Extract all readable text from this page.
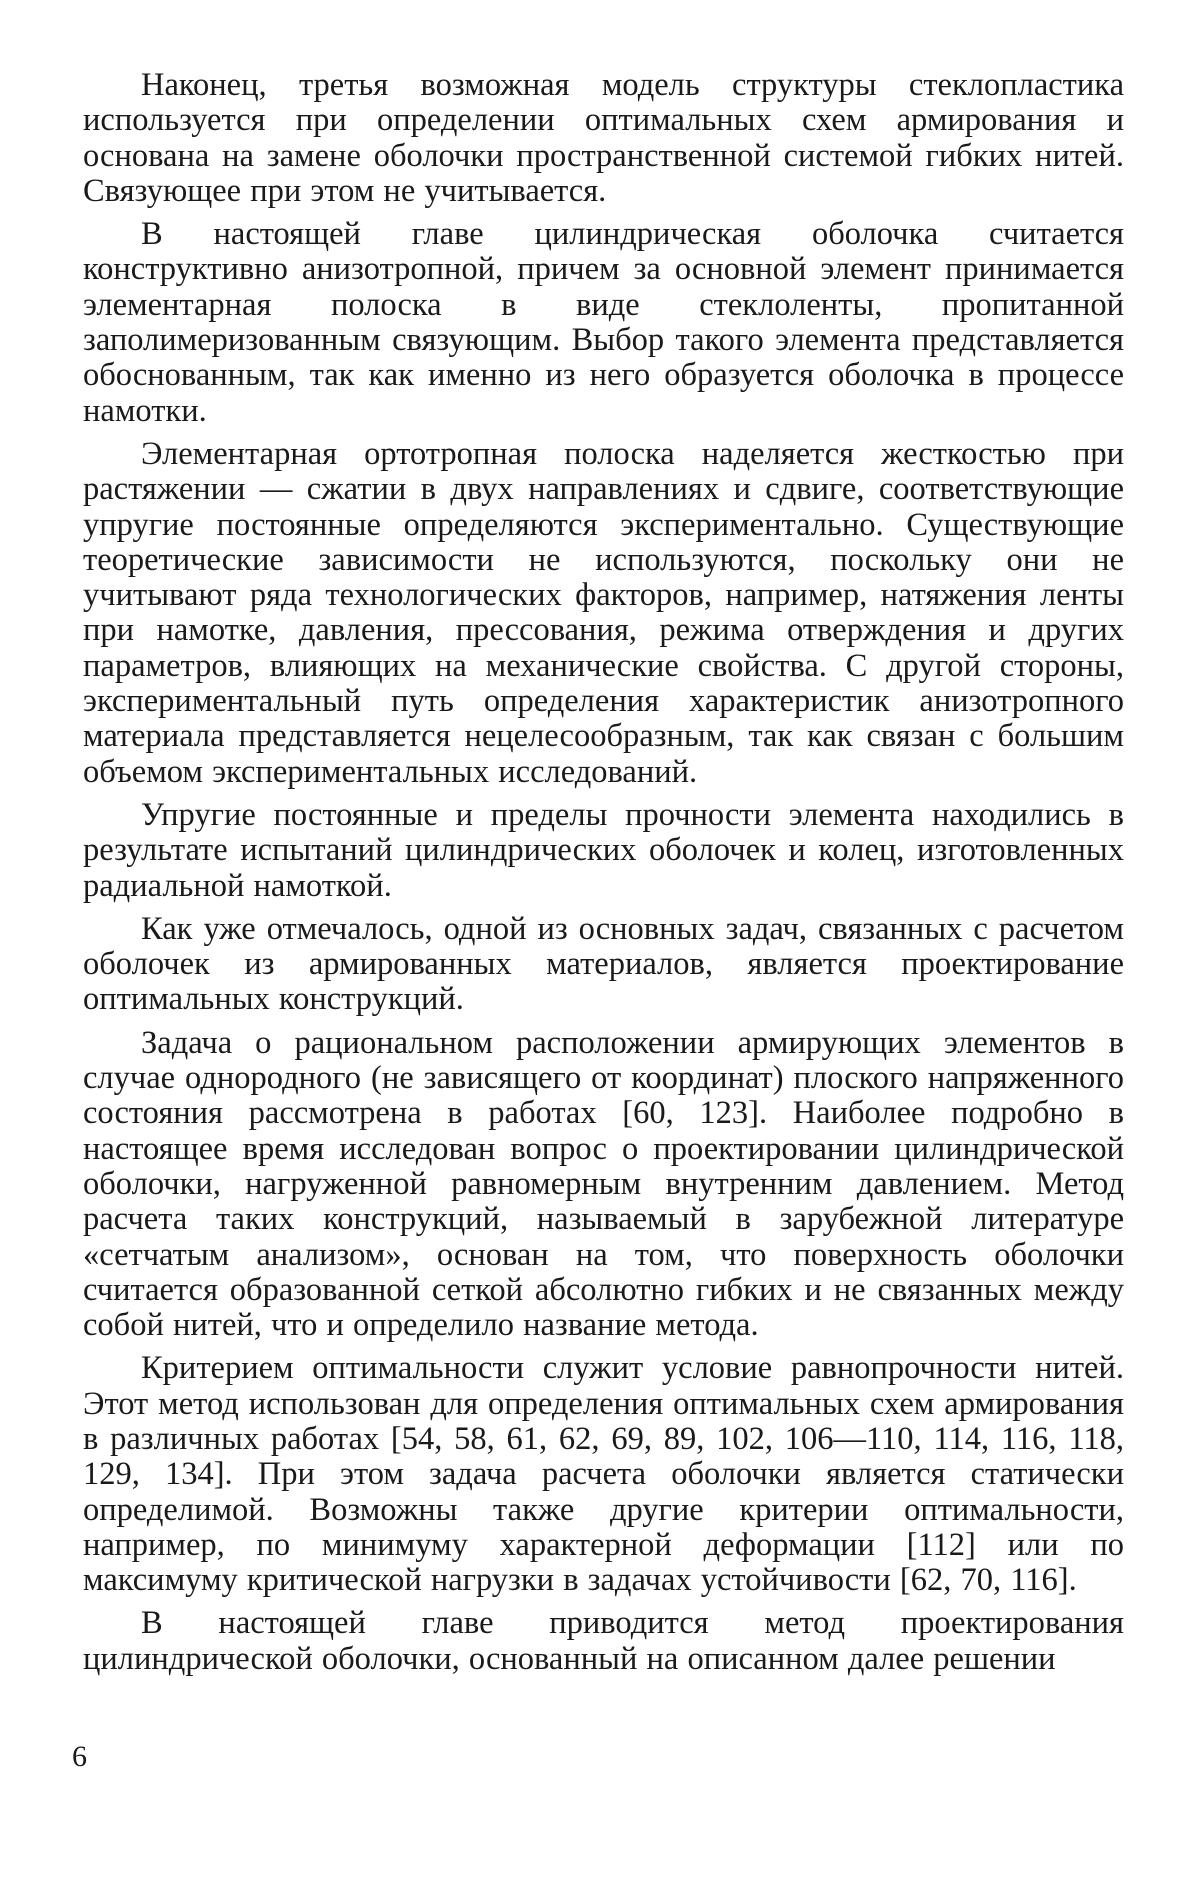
Наконец, третья возможная модель структуры стеклопластика используется при определении оптимальных схем армирования и основана на замене оболочки пространственной системой гибких нитей. Связующее при этом не учитывается.

В настоящей главе цилиндрическая оболочка считается конструктивно анизотропной, причем за основной элемент принимается элементарная полоска в виде стеклоленты, пропитанной заполимеризованным связующим. Выбор такого элемента представляется обоснованным, так как именно из него образуется оболочка в процессе намотки.

Элементарная ортотропная полоска наделяется жесткостью при растяжении — сжатии в двух направлениях и сдвиге, соответствующие упругие постоянные определяются экспериментально. Существующие теоретические зависимости не используются, поскольку они не учитывают ряда технологических факторов, например, натяжения ленты при намотке, давления, прессования, режима отверждения и других параметров, влияющих на механические свойства. С другой стороны, экспериментальный путь определения характеристик анизотропного материала представляется нецелесообразным, так как связан с большим объемом экспериментальных исследований.

Упругие постоянные и пределы прочности элемента находились в результате испытаний цилиндрических оболочек и колец, изготовленных радиальной намоткой.

Как уже отмечалось, одной из основных задач, связанных с расчетом оболочек из армированных материалов, является проектирование оптимальных конструкций.

Задача о рациональном расположении армирующих элементов в случае однородного (не зависящего от координат) плоского напряженного состояния рассмотрена в работах [60, 123]. Наиболее подробно в настоящее время исследован вопрос о проектировании цилиндрической оболочки, нагруженной равномерным внутренним давлением. Метод расчета таких конструкций, называемый в зарубежной литературе «сетчатым анализом», основан на том, что поверхность оболочки считается образованной сеткой абсолютно гибких и не связанных между собой нитей, что и определило название метода.

Критерием оптимальности служит условие равнопрочности нитей. Этот метод использован для определения оптимальных схем армирования в различных работах [54, 58, 61, 62, 69, 89, 102, 106—110, 114, 116, 118, 129, 134]. При этом задача расчета оболочки является статически определимой. Возможны также другие критерии оптимальности, например, по минимуму характерной деформации [112] или по максимуму критической нагрузки в задачах устойчивости [62, 70, 116].

В настоящей главе приводится метод проектирования цилиндрической оболочки, основанный на описанном далее решении

6
